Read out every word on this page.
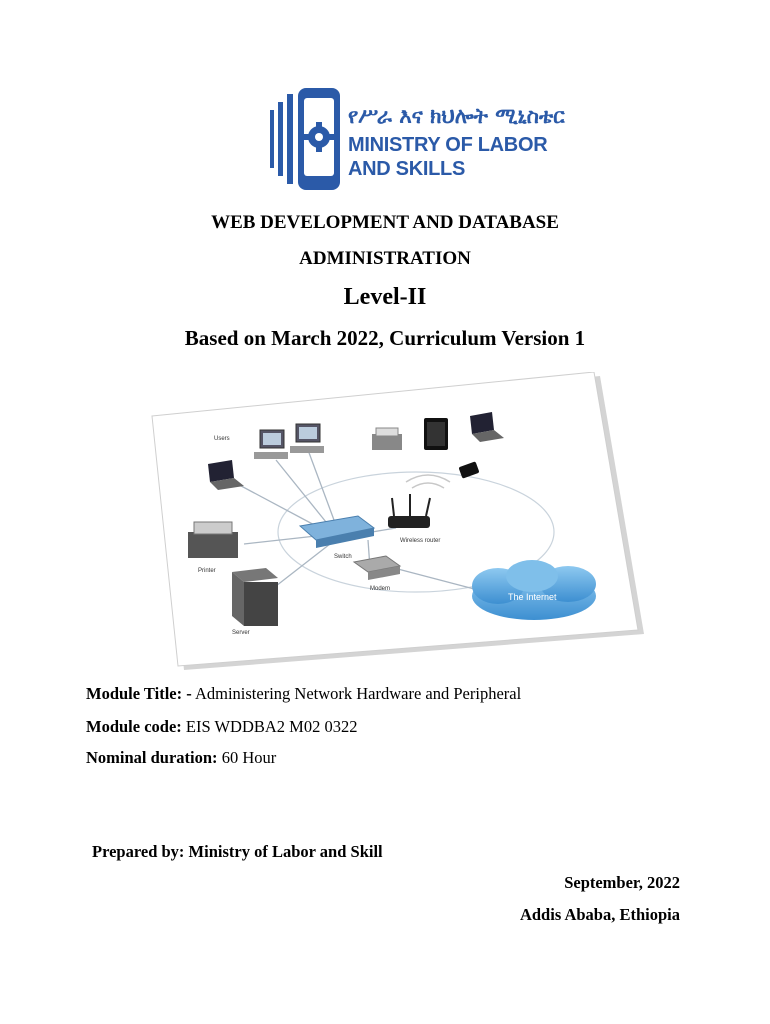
የሥራ እና ክህሎት ሚኒስቴር
MINISTRY OF LABOR
AND SKILLS
WEB DEVELOPMENT AND DATABASE
ADMINISTRATION
Level-II
Based on March 2022, Curriculum Version 1
Users
Printer
Switch
Wireless router
Modem
Server
The Internet
Module Title: - Administering Network Hardware and Peripheral
Module code: EIS WDDBA2 M02 0322
Nominal duration: 60 Hour
Prepared by: Ministry of Labor and Skill
September, 2022
Addis Ababa, Ethiopia
